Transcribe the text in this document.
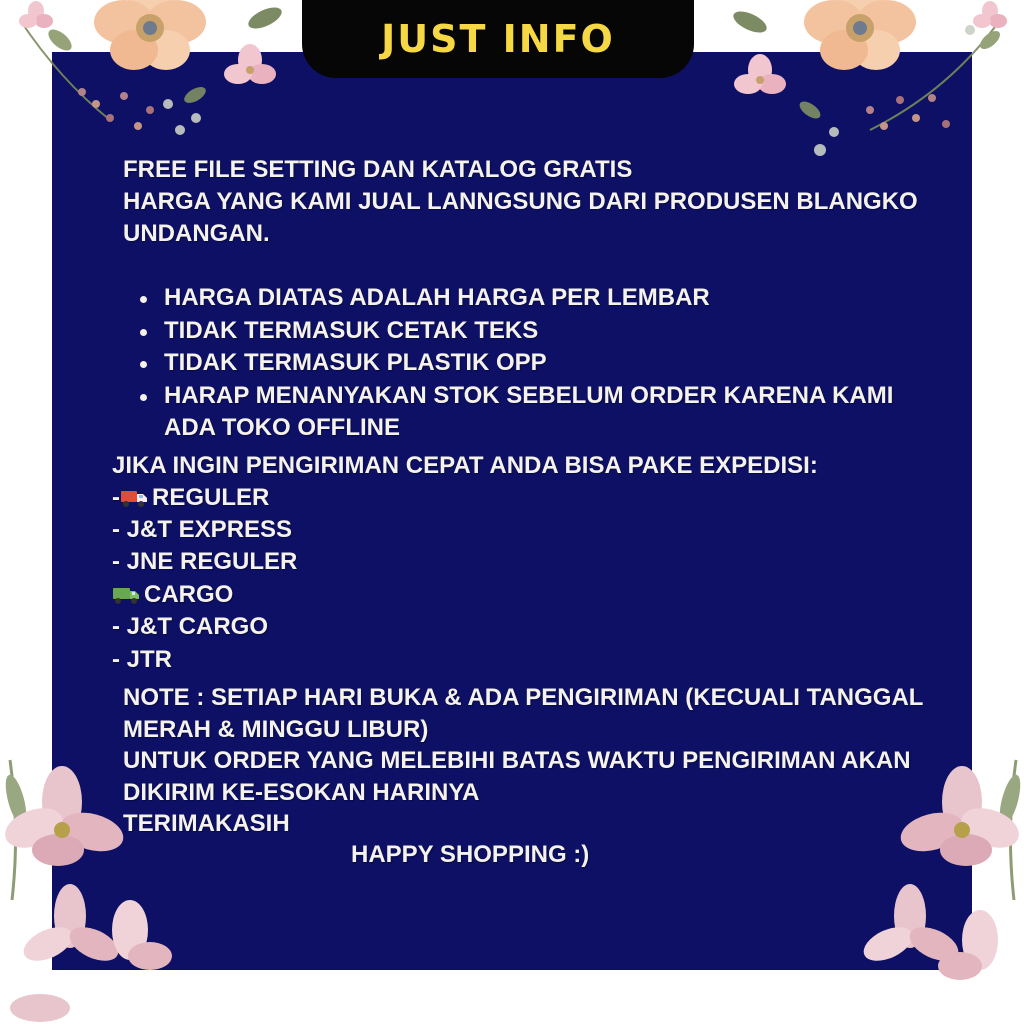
JUST INFO
FREE FILE SETTING DAN KATALOG GRATIS
HARGA YANG KAMI JUAL LANNGSUNG DARI PRODUSEN BLANGKO
UNDANGAN.
HARGA DIATAS ADALAH HARGA PER LEMBAR
TIDAK TERMASUK CETAK TEKS
TIDAK TERMASUK PLASTIK OPP
HARAP MENANYAKAN STOK SEBELUM ORDER KARENA KAMI
ADA TOKO OFFLINE
JIKA INGIN PENGIRIMAN CEPAT ANDA BISA PAKE EXPEDISI:
- REGULER
- J&T EXPRESS
- JNE REGULER
CARGO
- J&T CARGO
- JTR
NOTE : SETIAP HARI BUKA & ADA PENGIRIMAN (KECUALI TANGGAL
MERAH & MINGGU LIBUR)
UNTUK ORDER YANG MELEBIHI BATAS WAKTU PENGIRIMAN AKAN
DIKIRIM KE-ESOKAN HARINYA
TERIMAKASIH
HAPPY SHOPPING :)
